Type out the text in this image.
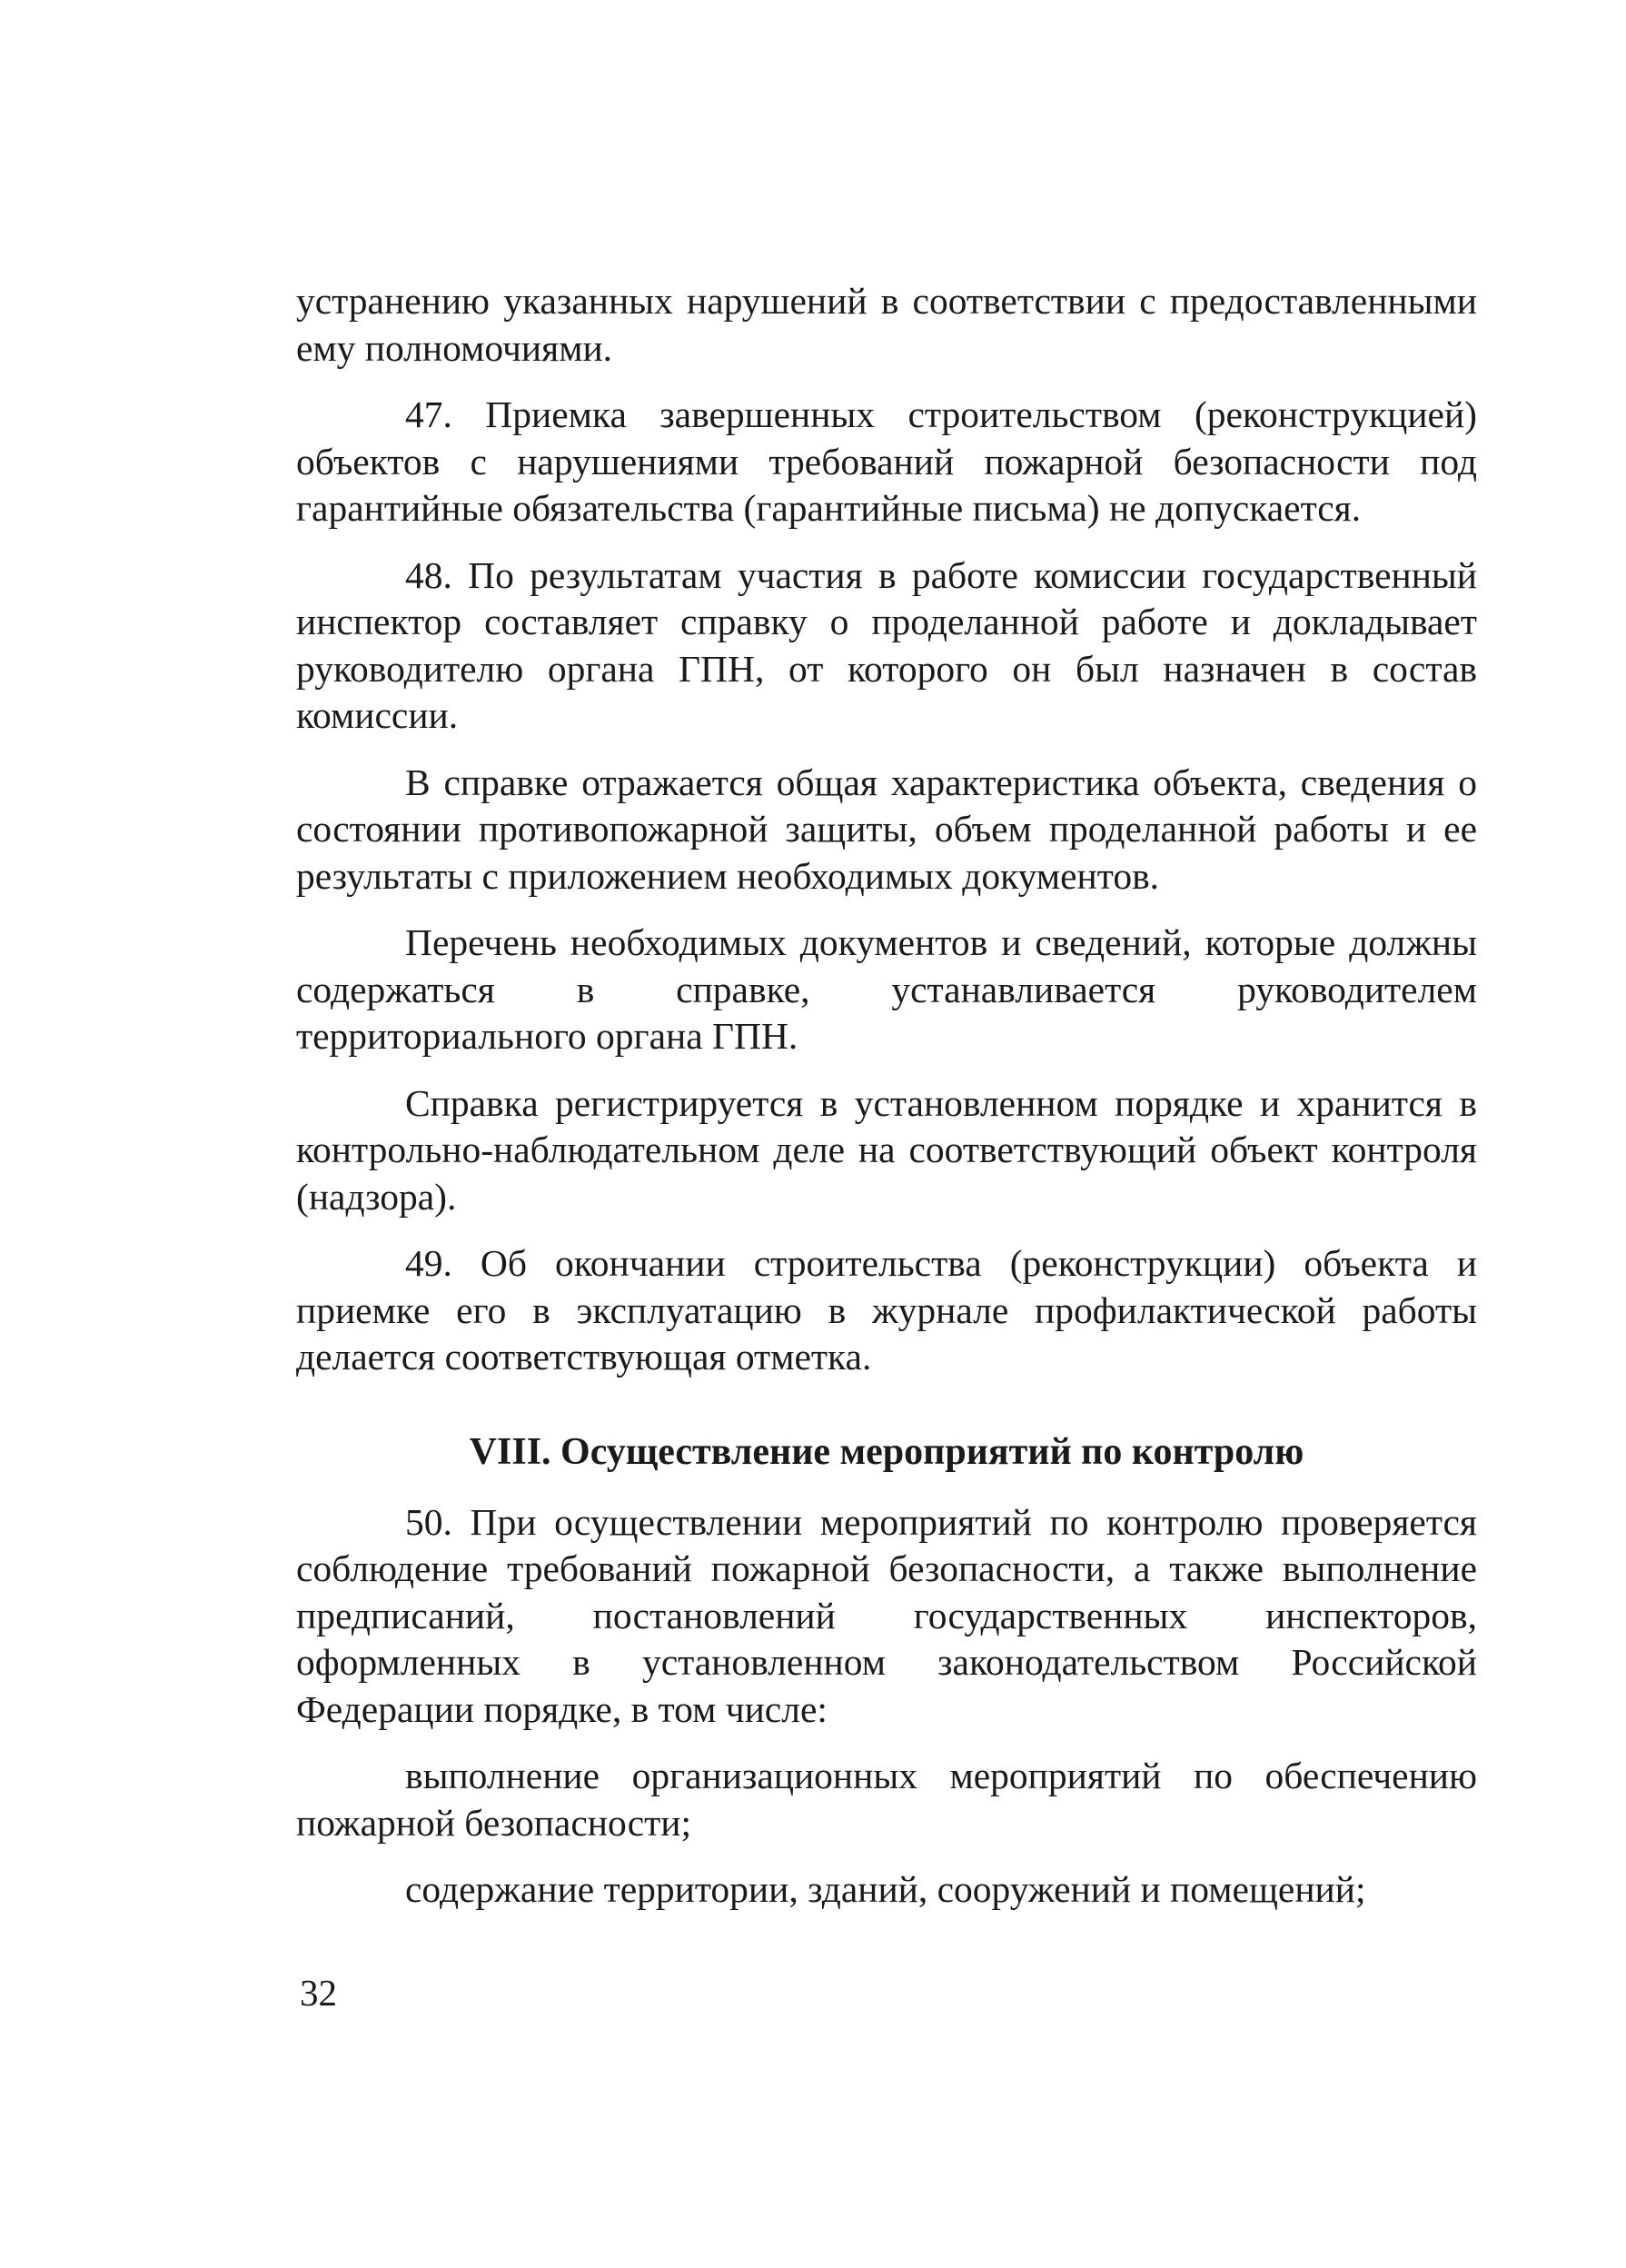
устранению указанных нарушений в соответствии с предоставленными ему полномочиями.

47. Приемка завершенных строительством (реконструкцией) объектов с нарушениями требований пожарной безопасности под гарантийные обязательства (гарантийные письма) не допускается.

48. По результатам участия в работе комиссии государственный инспектор составляет справку о проделанной работе и докладывает руководителю органа ГПН, от которого он был назначен в состав комиссии.

В справке отражается общая характеристика объекта, сведения о состоянии противопожарной защиты, объем проделанной работы и ее результаты с приложением необходимых документов.

Перечень необходимых документов и сведений, которые должны содержаться в справке, устанавливается руководителем территориального органа ГПН.

Справка регистрируется в установленном порядке и хранится в контрольно-наблюдательном деле на соответствующий объект контроля (надзора).

49. Об окончании строительства (реконструкции) объекта и приемке его в эксплуатацию в журнале профилактической работы делается соответствующая отметка.

VIII. Осуществление мероприятий по контролю

50. При осуществлении мероприятий по контролю проверяется соблюдение требований пожарной безопасности, а также выполнение предписаний, постановлений государственных инспекторов, оформленных в установленном законодательством Российской Федерации порядке, в том числе:

выполнение организационных мероприятий по обеспечению пожарной безопасности;

содержание территории, зданий, сооружений и помещений;

32
